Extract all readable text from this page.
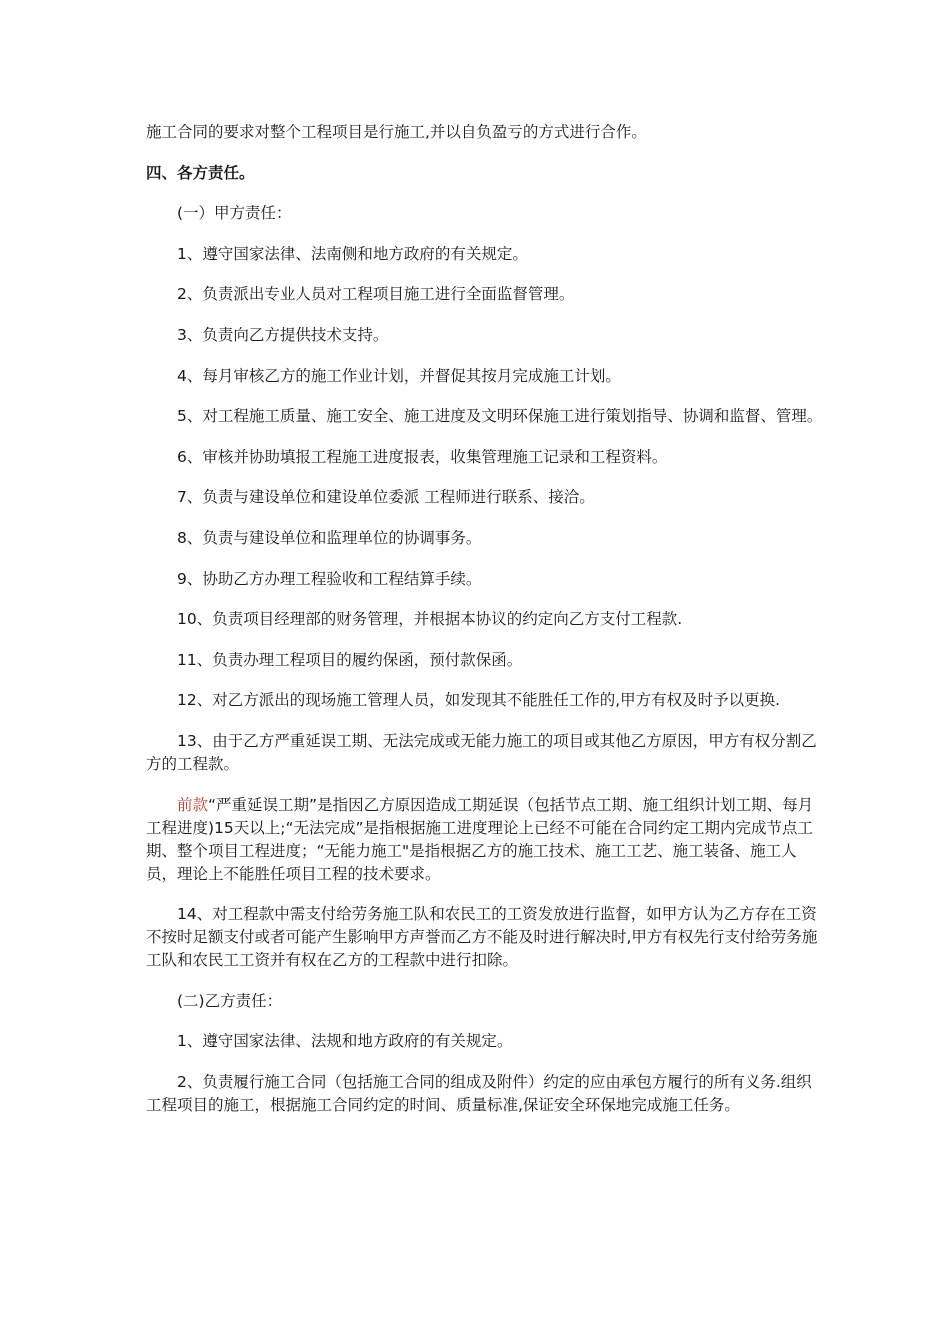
施工合同的要求对整个工程项目是行施工,并以自负盈亏的方式进行合作。

四、各方责任。

(一）甲方责任：

1、遵守国家法律、法南侧和地方政府的有关规定。

2、负责派出专业人员对工程项目施工进行全面监督管理。

3、负责向乙方提供技术支持。

4、每月审核乙方的施工作业计划，并督促其按月完成施工计划。

5、对工程施工质量、施工安全、施工进度及文明环保施工进行策划指导、协调和监督、管理。

6、审核并协助填报工程施工进度报表，收集管理施工记录和工程资料。

7、负责与建设单位和建设单位委派 工程师进行联系、接洽。

8、负责与建设单位和监理单位的协调事务。

9、协助乙方办理工程验收和工程结算手续。

10、负责项目经理部的财务管理，并根据本协议的约定向乙方支付工程款.

11、负责办理工程项目的履约保函，预付款保函。

12、对乙方派出的现场施工管理人员，如发现其不能胜任工作的,甲方有权及时予以更换.

13、由于乙方严重延误工期、无法完成或无能力施工的项目或其他乙方原因，甲方有权分割乙方的工程款。

前款“严重延误工期”是指因乙方原因造成工期延误（包括节点工期、施工组织计划工期、每月工程进度)15天以上;“无法完成”是指根据施工进度理论上已经不可能在合同约定工期内完成节点工期、整个项目工程进度；“无能力施工"是指根据乙方的施工技术、施工工艺、施工装备、施工人员，理论上不能胜任项目工程的技术要求。

14、对工程款中需支付给劳务施工队和农民工的工资发放进行监督，如甲方认为乙方存在工资不按时足额支付或者可能产生影响甲方声誉而乙方不能及时进行解决时,甲方有权先行支付给劳务施工队和农民工工资并有权在乙方的工程款中进行扣除。

(二)乙方责任：

1、遵守国家法律、法规和地方政府的有关规定。

2、负责履行施工合同（包括施工合同的组成及附件）约定的应由承包方履行的所有义务.组织工程项目的施工，根据施工合同约定的时间、质量标准,保证安全环保地完成施工任务。
